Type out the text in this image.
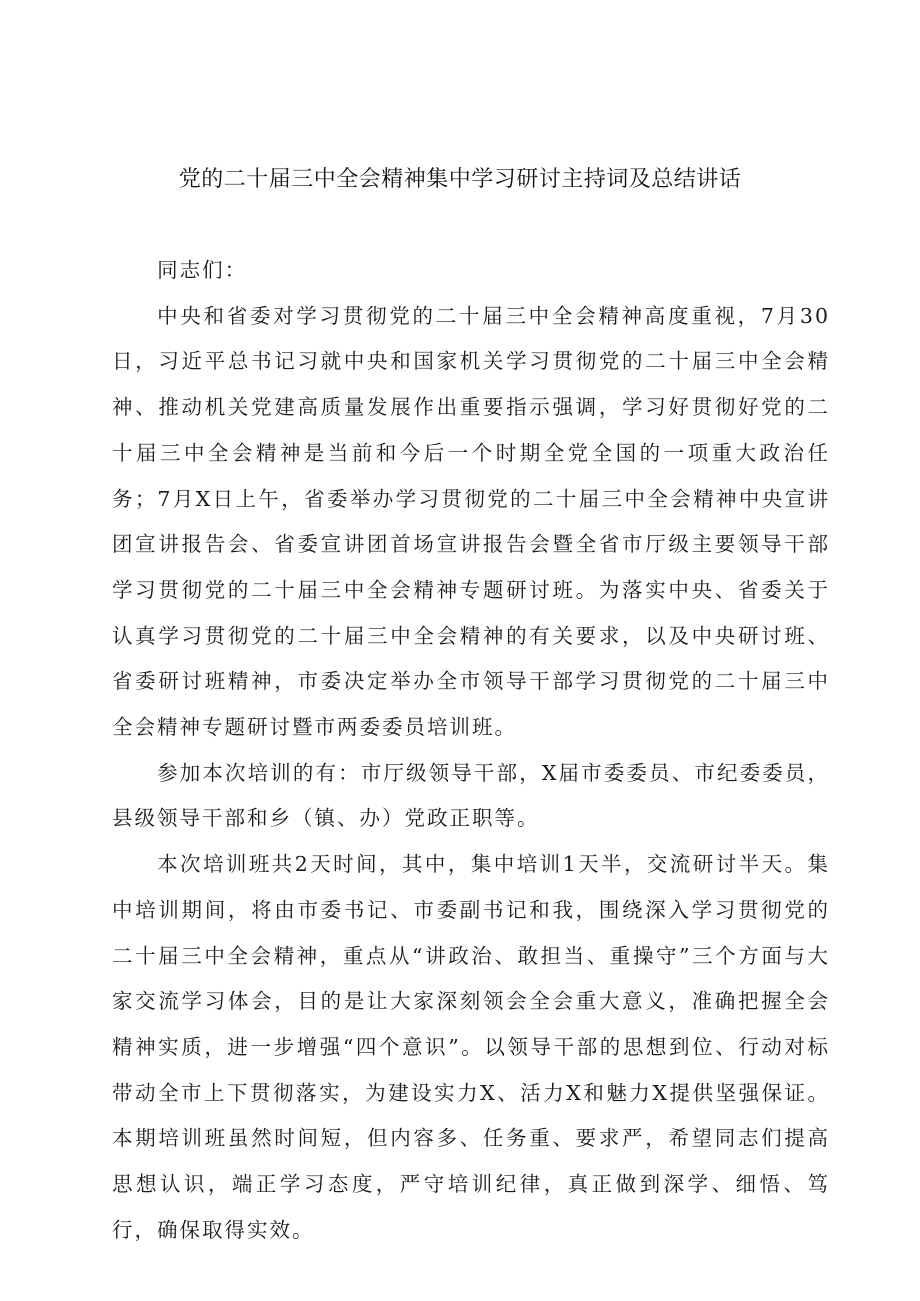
党的二十届三中全会精神集中学习研讨主持词及总结讲话

同志们：

中央和省委对学习贯彻党的二十届三中全会精神高度重视，7月30日，习近平总书记习就中央和国家机关学习贯彻党的二十届三中全会精神、推动机关党建高质量发展作出重要指示强调，学习好贯彻好党的二十届三中全会精神是当前和今后一个时期全党全国的一项重大政治任务；7月X日上午，省委举办学习贯彻党的二十届三中全会精神中央宣讲团宣讲报告会、省委宣讲团首场宣讲报告会暨全省市厅级主要领导干部学习贯彻党的二十届三中全会精神专题研讨班。为落实中央、省委关于认真学习贯彻党的二十届三中全会精神的有关要求，以及中央研讨班、省委研讨班精神，市委决定举办全市领导干部学习贯彻党的二十届三中全会精神专题研讨暨市两委委员培训班。

参加本次培训的有：市厅级领导干部，X届市委委员、市纪委委员，县级领导干部和乡（镇、办）党政正职等。

本次培训班共2天时间，其中，集中培训1天半，交流研讨半天。集中培训期间，将由市委书记、市委副书记和我，围绕深入学习贯彻党的二十届三中全会精神，重点从“讲政治、敢担当、重操守”三个方面与大家交流学习体会，目的是让大家深刻领会全会重大意义，准确把握全会精神实质，进一步增强“四个意识”。以领导干部的思想到位、行动对标带动全市上下贯彻落实，为建设实力X、活力X和魅力X提供坚强保证。本期培训班虽然时间短，但内容多、任务重、要求严，希望同志们提高思想认识，端正学习态度，严守培训纪律，真正做到深学、细悟、笃行，确保取得实效。
